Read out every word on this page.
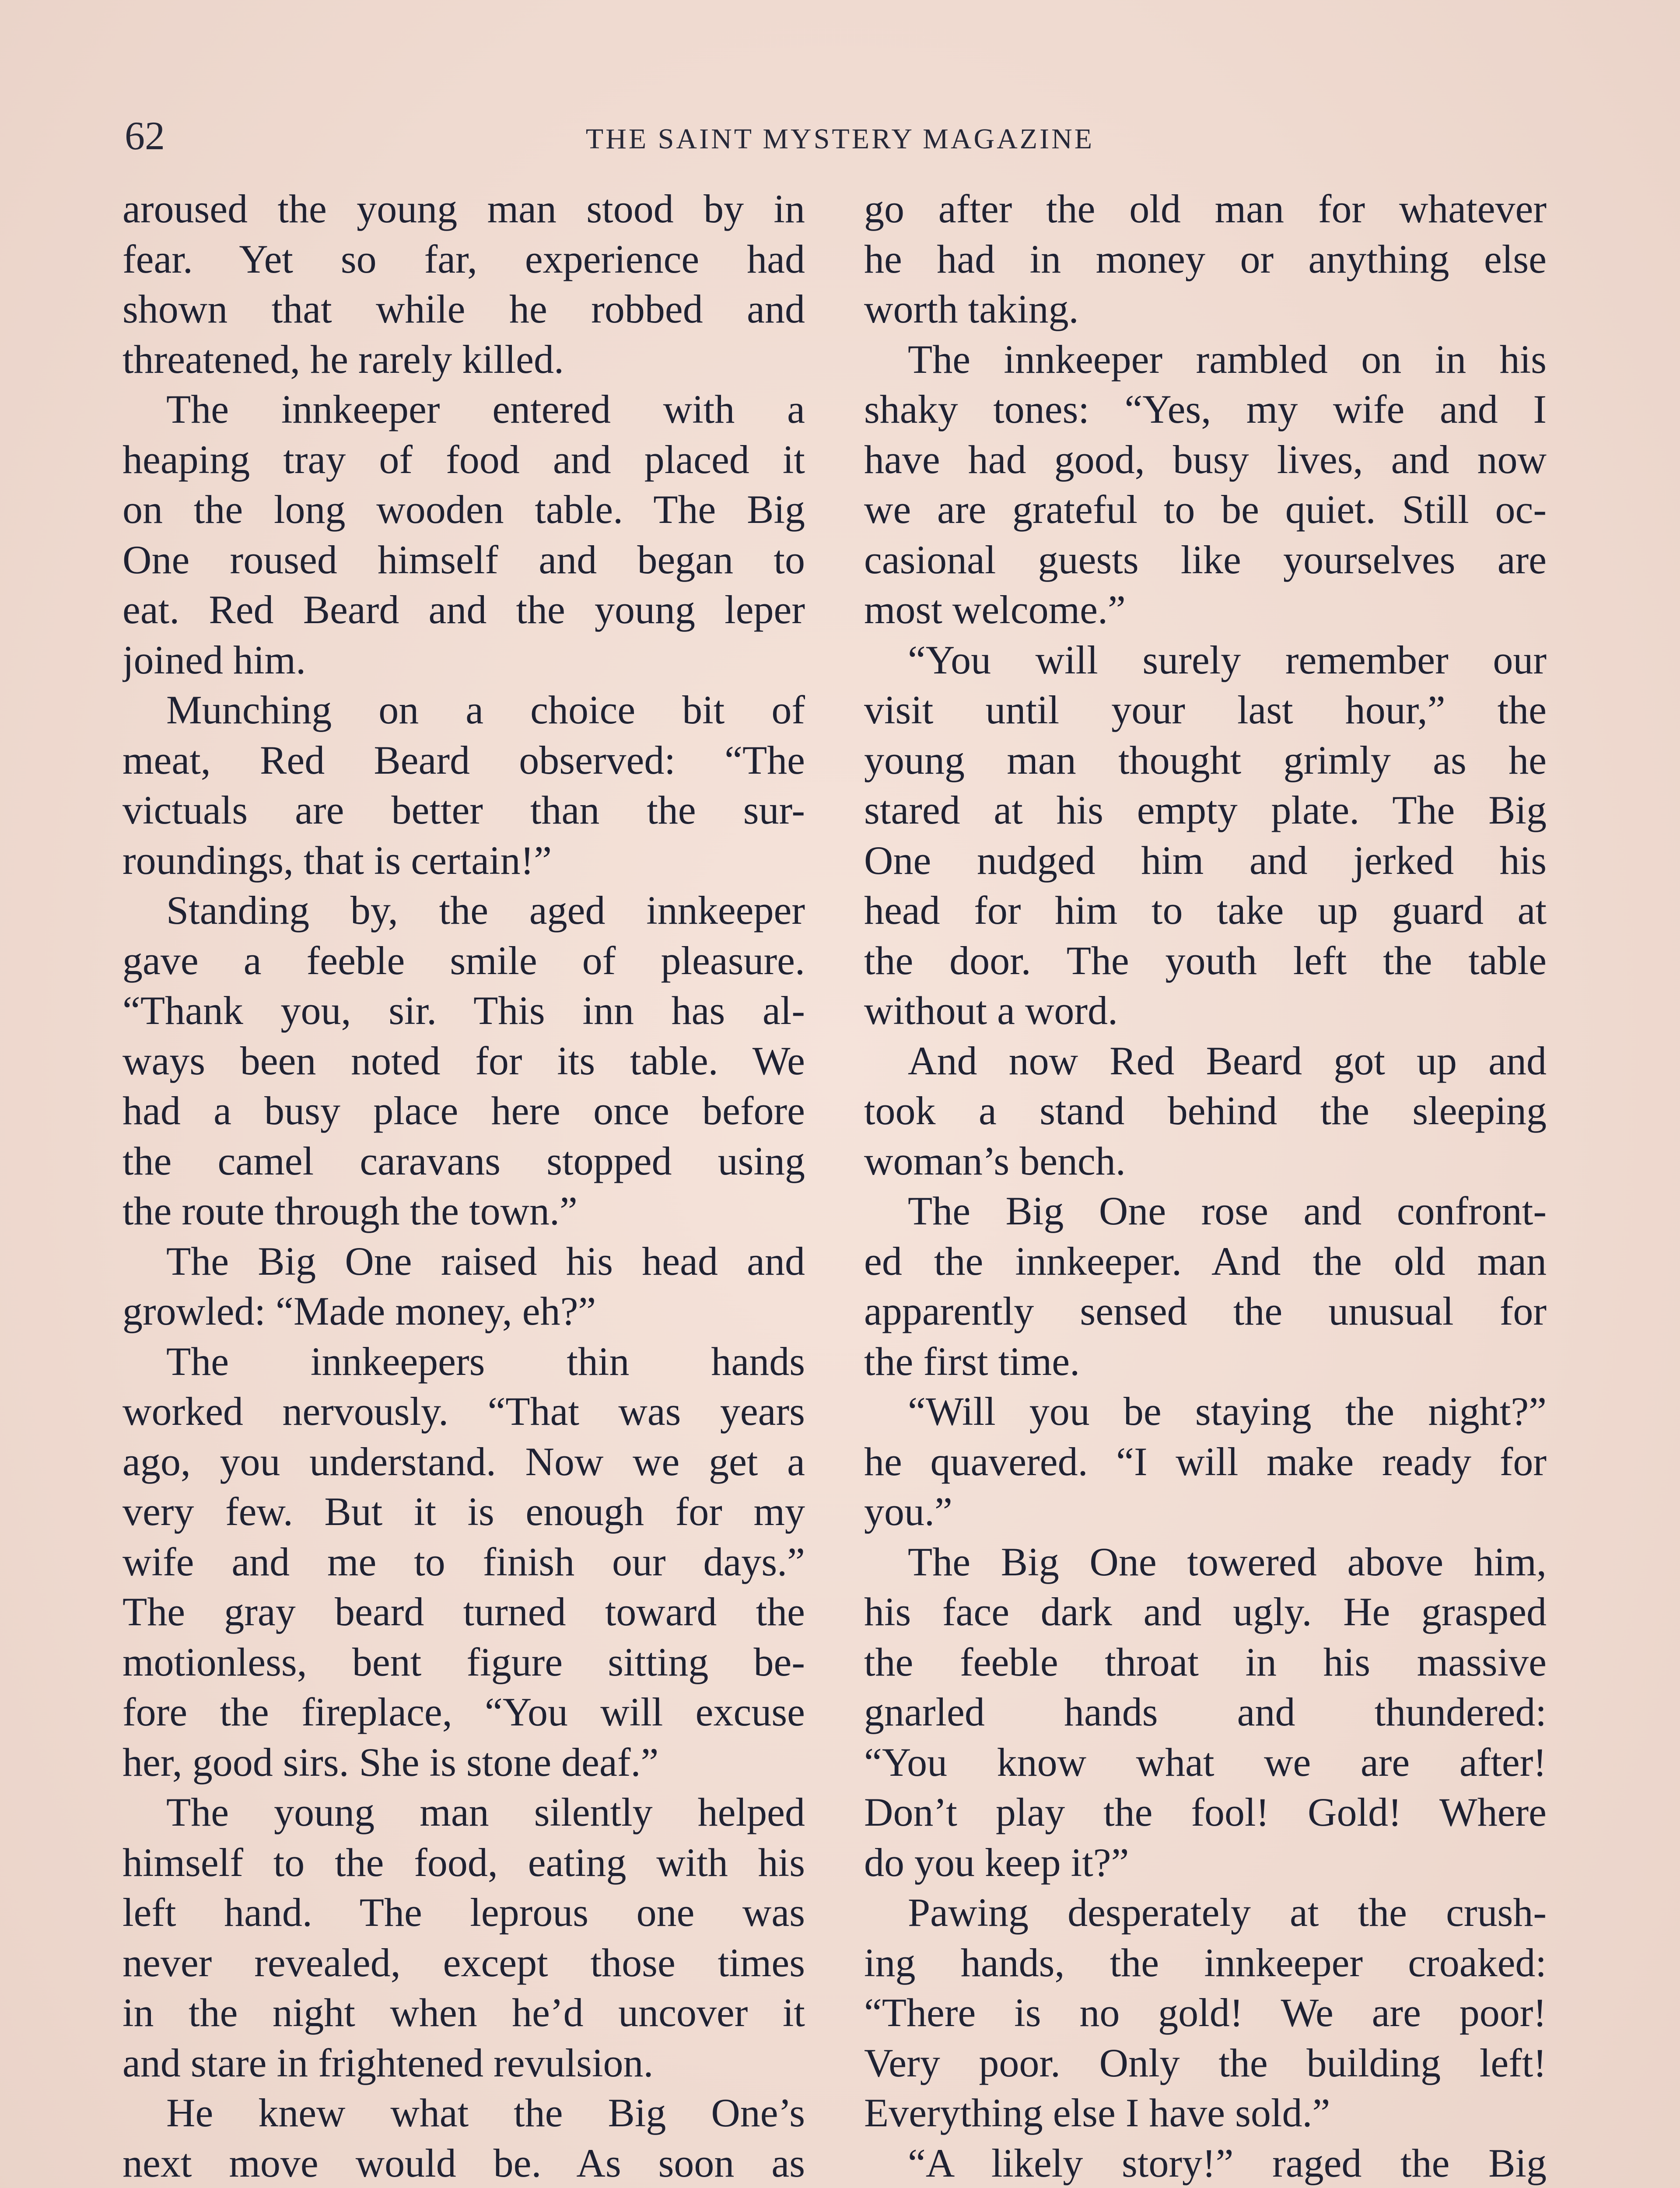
62	THE SAINT MYSTERY MAGAZINE
aroused the young man stood by in
fear. Yet so far, experience had
shown that while he robbed and
threatened, he rarely killed.
The innkeeper entered with a
heaping tray of food and placed it
on the long wooden table. The Big
One roused himself and began to
eat. Red Beard and the young leper
joined him.
Munching on a choice bit of
meat, Red Beard observed: “The
victuals are better than the sur-
roundings, that is certain!”
Standing by, the aged innkeeper
gave a feeble smile of pleasure.
“Thank you, sir. This inn has al-
ways been noted for its table. We
had a busy place here once before
the camel caravans stopped using
the route through the town.”
The Big One raised his head and
growled: “Made money, eh?”
The innkeepers thin hands
worked nervously. “That was years
ago, you understand. Now we get a
very few. But it is enough for my
wife and me to finish our days.”
The gray beard turned toward the
motionless, bent figure sitting be-
fore the fireplace, “You will excuse
her, good sirs. She is stone deaf.”
The young man silently helped
himself to the food, eating with his
left hand. The leprous one was
never revealed, except those times
in the night when he’d uncover it
and stare in frightened revulsion.
He knew what the Big One’s
next move would be. As soon as
go after the old man for whatever
he had in money or anything else
worth taking.
The innkeeper rambled on in his
shaky tones: “Yes, my wife and I
have had good, busy lives, and now
we are grateful to be quiet. Still oc-
casional guests like yourselves are
most welcome.”
“You will surely remember our
visit until your last hour,” the
young man thought grimly as he
stared at his empty plate. The Big
One nudged him and jerked his
head for him to take up guard at
the door. The youth left the table
without a word.
And now Red Beard got up and
took a stand behind the sleeping
woman’s bench.
The Big One rose and confront-
ed the innkeeper. And the old man
apparently sensed the unusual for
the first time.
“Will you be staying the night?”
he quavered. “I will make ready for
you.”
The Big One towered above him,
his face dark and ugly. He grasped
the feeble throat in his massive
gnarled hands and thundered:
“You know what we are after!
Don’t play the fool! Gold! Where
do you keep it?”
Pawing desperately at the crush-
ing hands, the innkeeper croaked:
“There is no gold! We are poor!
Very poor. Only the building left!
Everything else I have sold.”
“A likely story!” raged the Big
